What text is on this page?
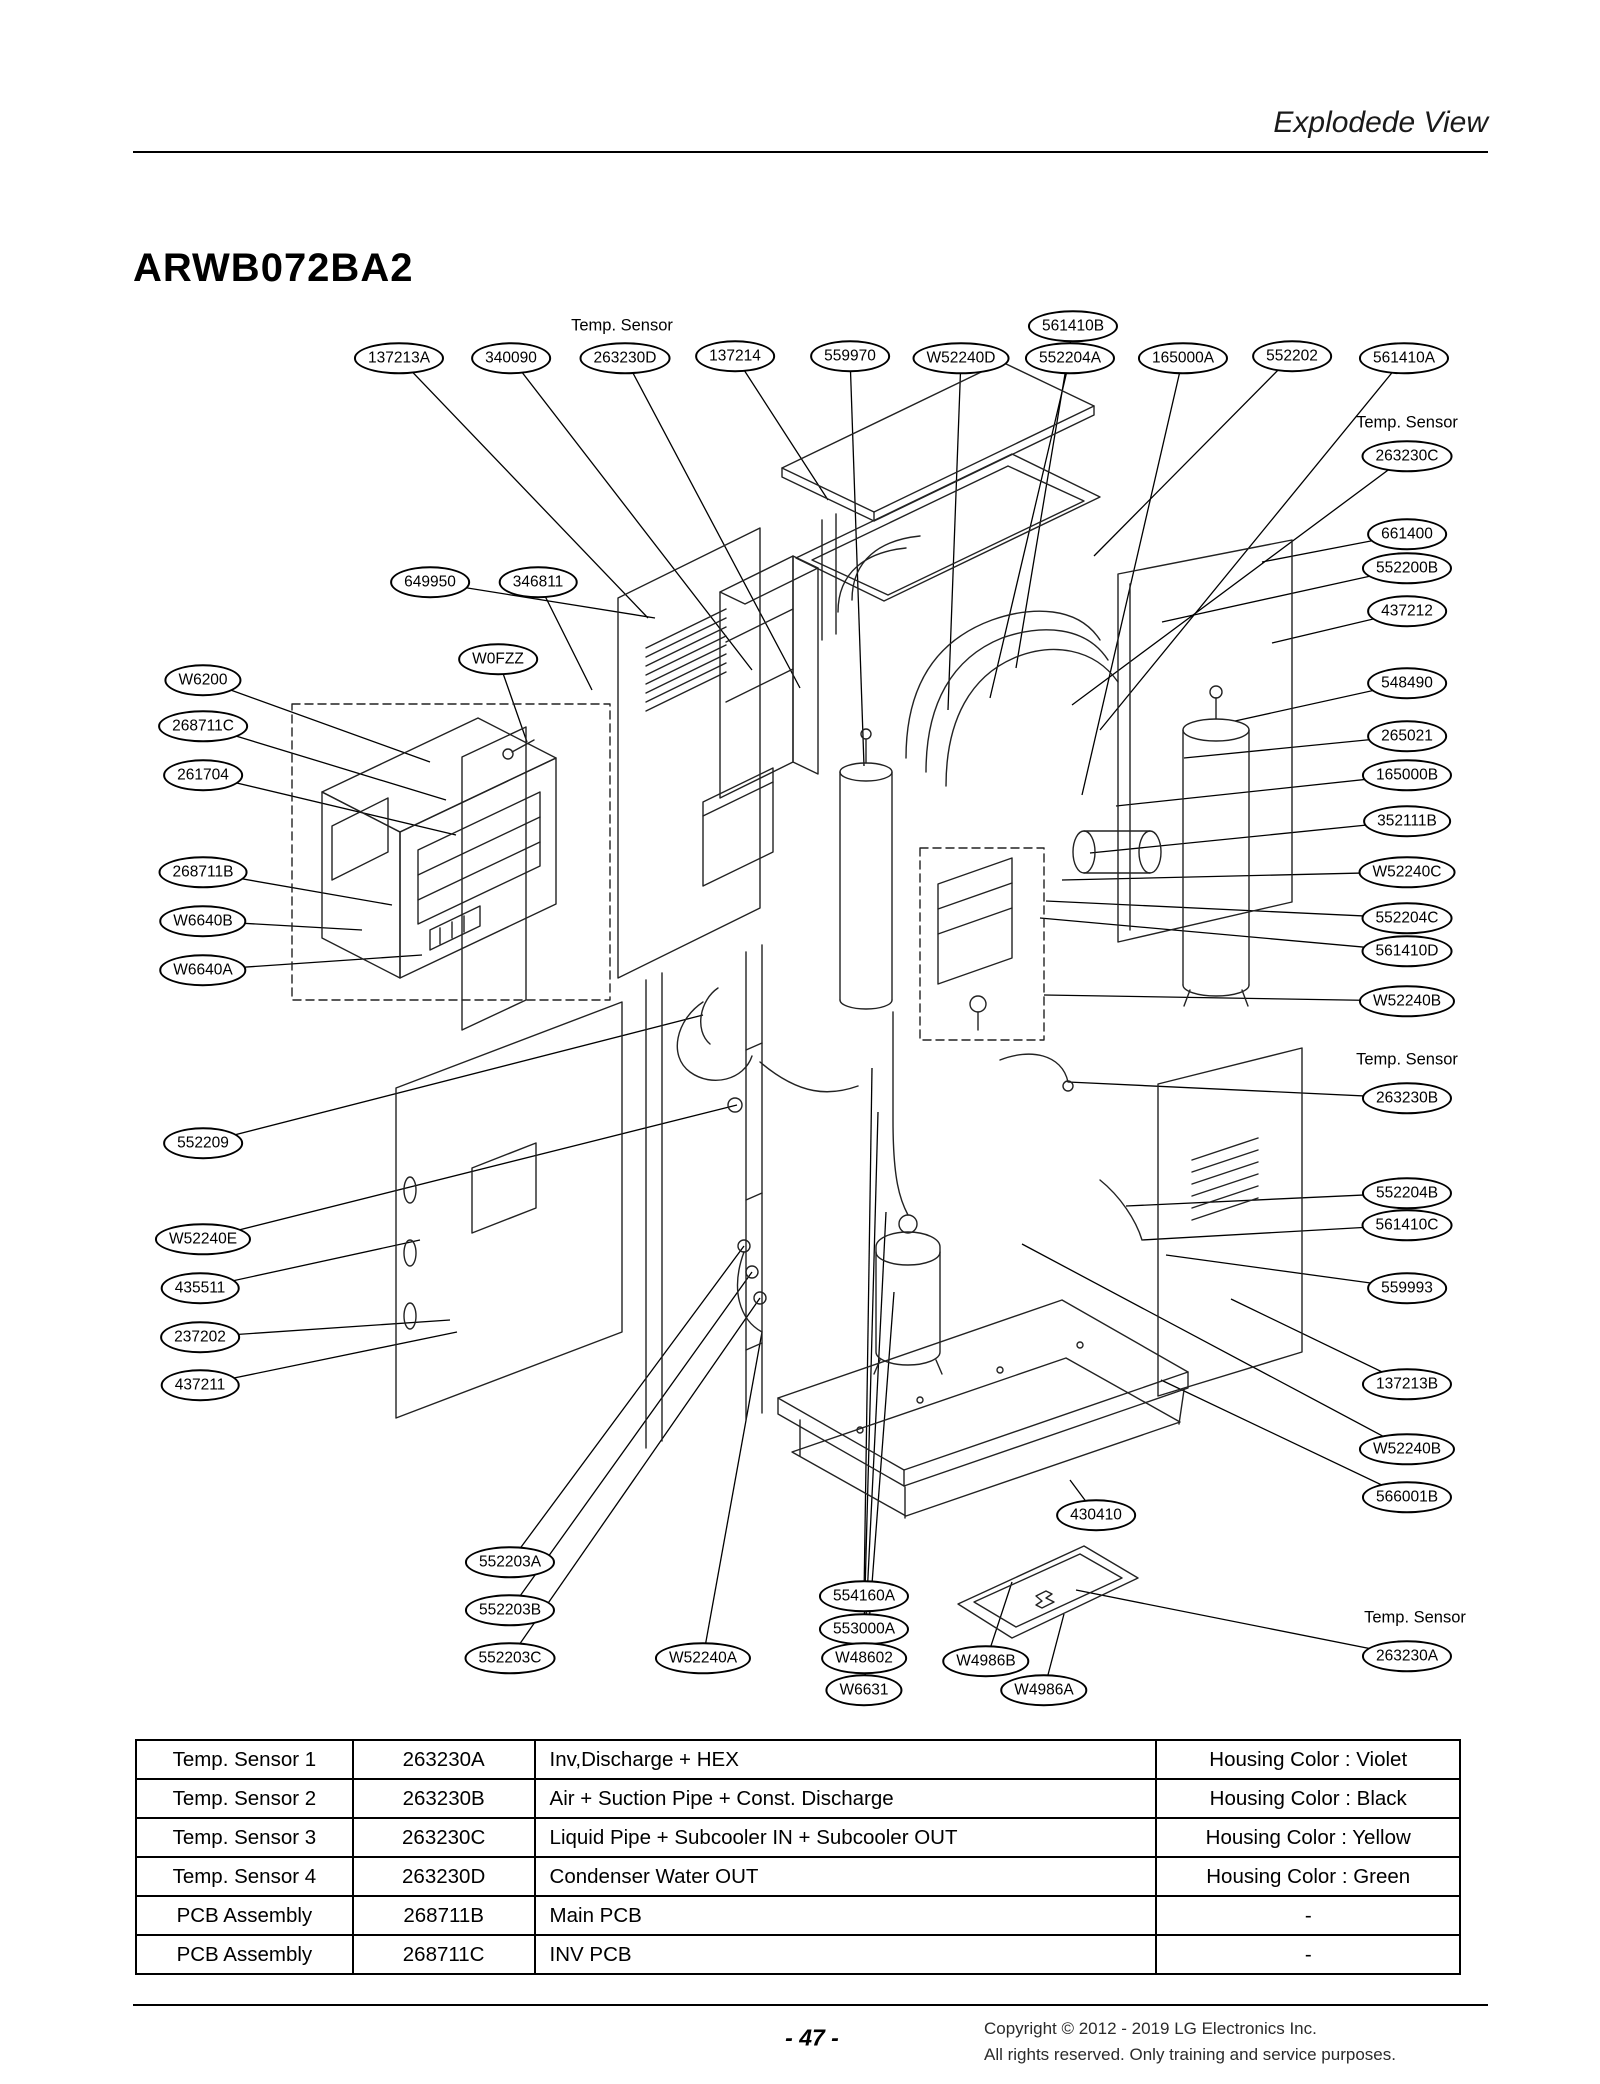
Explodede View
ARWB072BA2
137213A	340090	263230D	137214	559970	W52240D
561410B
552204A	165000A	552202	561410A
263230C
661400
552200B
437212
548490
265021
165000B
352111B
W52240C
552204C
561410D
W52240B
263230B
552204B
561410C
559993
137213B
W52240B
566001B
263230A
649950	346811
W0FZZ
W6200
268711C
261704
268711B
W6640B
W6640A
552209
W52240E
435511
237202
437211
552203A
552203B
552203C	W52240A
554160A
553000A
W48602
W6631
W4986B
W4986A
430410
Temp. Sensor
Temp. Sensor
Temp. Sensor
Temp. Sensor
Temp. Sensor 1	263230A	Inv,Discharge + HEX	Housing Color : Violet
Temp. Sensor 2	263230B	Air + Suction Pipe + Const. Discharge	Housing Color : Black
Temp. Sensor 3	263230C	Liquid Pipe + Subcooler IN + Subcooler OUT	Housing Color : Yellow
Temp. Sensor 4	263230D	Condenser Water OUT	Housing Color : Green
PCB Assembly	268711B	Main PCB	-
PCB Assembly	268711C	INV PCB	-
- 47 -	Copyright © 2012 - 2019 LG Electronics Inc.
All rights reserved. Only training and service purposes.
